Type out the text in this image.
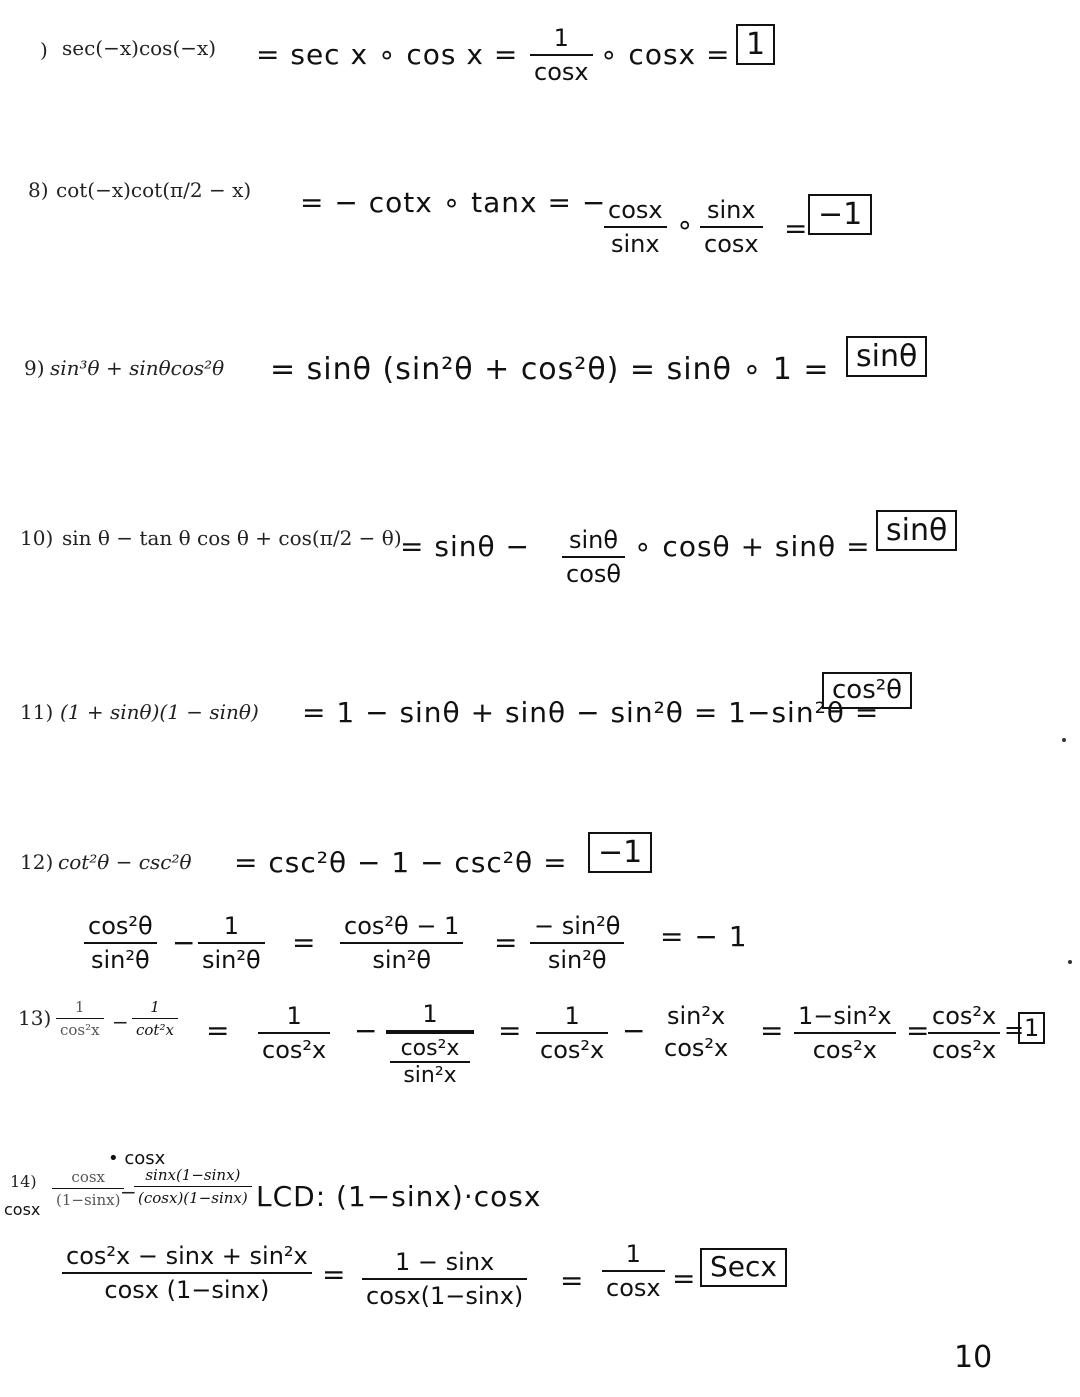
) sec(−x)cos(−x) = sec x ∘ cos x = 1
cosx
∘ cosx = 1
8) cot(−x)cot(π/2 − x) = − cotx ∘ tanx = − cosx
sinx
∘ sinx
cosx = −1
9) sin³θ + sinθcos²θ = sinθ (sin²θ + cos²θ) = sinθ ∘ 1 = sinθ
10) sin θ − tan θ cos θ + cos(π/2 − θ)
= sinθ − sinθ
cosθ
∘ cosθ + sinθ = sinθ
11) (1 + sinθ)(1 − sinθ) = 1 − sinθ + sinθ − sin²θ = 1−sin²θ =
cos²θ
12) cot²θ − csc²θ = csc²θ − 1 − csc²θ =	−1
cos²θ
sin²θ
− 1
sin²θ
= cos²θ − 1
sin²θ
= − sin²θ
sin²θ
= − 1
13) 1
cos²x −
1
cot²x = 1
cos²x
− 1
cos²x
sin²x
= 1
cos²x
− sin²x
cos²x
= 1−sin²x
cos²x
= cos²x
cos²x
= 1
14)
cosx
• cosx
cosx
(1−sinx) −
sinx(1−sinx)
(cosx)(1−sinx) LCD: (1−sinx)·cosx
cos²x − sinx + sin²x
cosx (1−sinx) = 1 − sinx
cosx(1−sinx) =
1
cosx = Secx
10
